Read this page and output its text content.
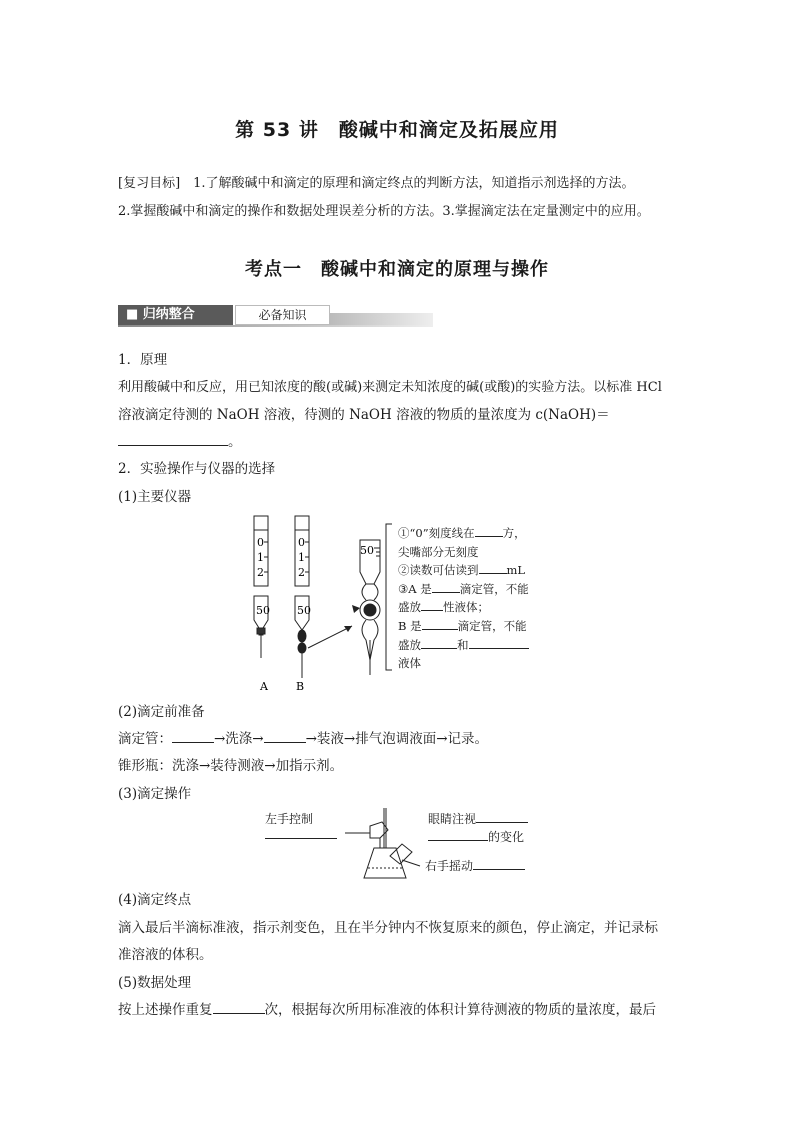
第 53 讲　酸碱中和滴定及拓展应用
[复习目标]　1.了解酸碱中和滴定的原理和滴定终点的判断方法，知道指示剂选择的方法。
2.掌握酸碱中和滴定的操作和数据处理误差分析的方法。3.掌握滴定法在定量测定中的应用。
考点一　酸碱中和滴定的原理与操作
■ 归纳整合	必备知识
1．原理
利用酸碱中和反应，用已知浓度的酸(或碱)来测定未知浓度的碱(或酸)的实验方法。以标准 HCl
溶液滴定待测的 NaOH 溶液，待测的 NaOH 溶液的物质的量浓度为 c(NaOH)＝
。
2．实验操作与仪器的选择
(1)主要仪器
0
1
2
50
0
1
2
50
50
A	B
①“0”刻度线在 方，
尖嘴部分无刻度
②读数可估读到 mL
③A 是 滴定管，不能
盛放 性液体；
B 是	滴定管，不能
盛放	和
液体
(2)滴定前准备
滴定管：	→洗涤→	→装液→排气泡调液面→记录。
锥形瓶：洗涤→装待测液→加指示剂。
(3)滴定操作
左手控制	眼睛注视
的变化
右手摇动
(4)滴定终点
滴入最后半滴标准液，指示剂变色，且在半分钟内不恢复原来的颜色，停止滴定，并记录标
准溶液的体积。
(5)数据处理
按上述操作重复	次，根据每次所用标准液的体积计算待测液的物质的量浓度，最后
